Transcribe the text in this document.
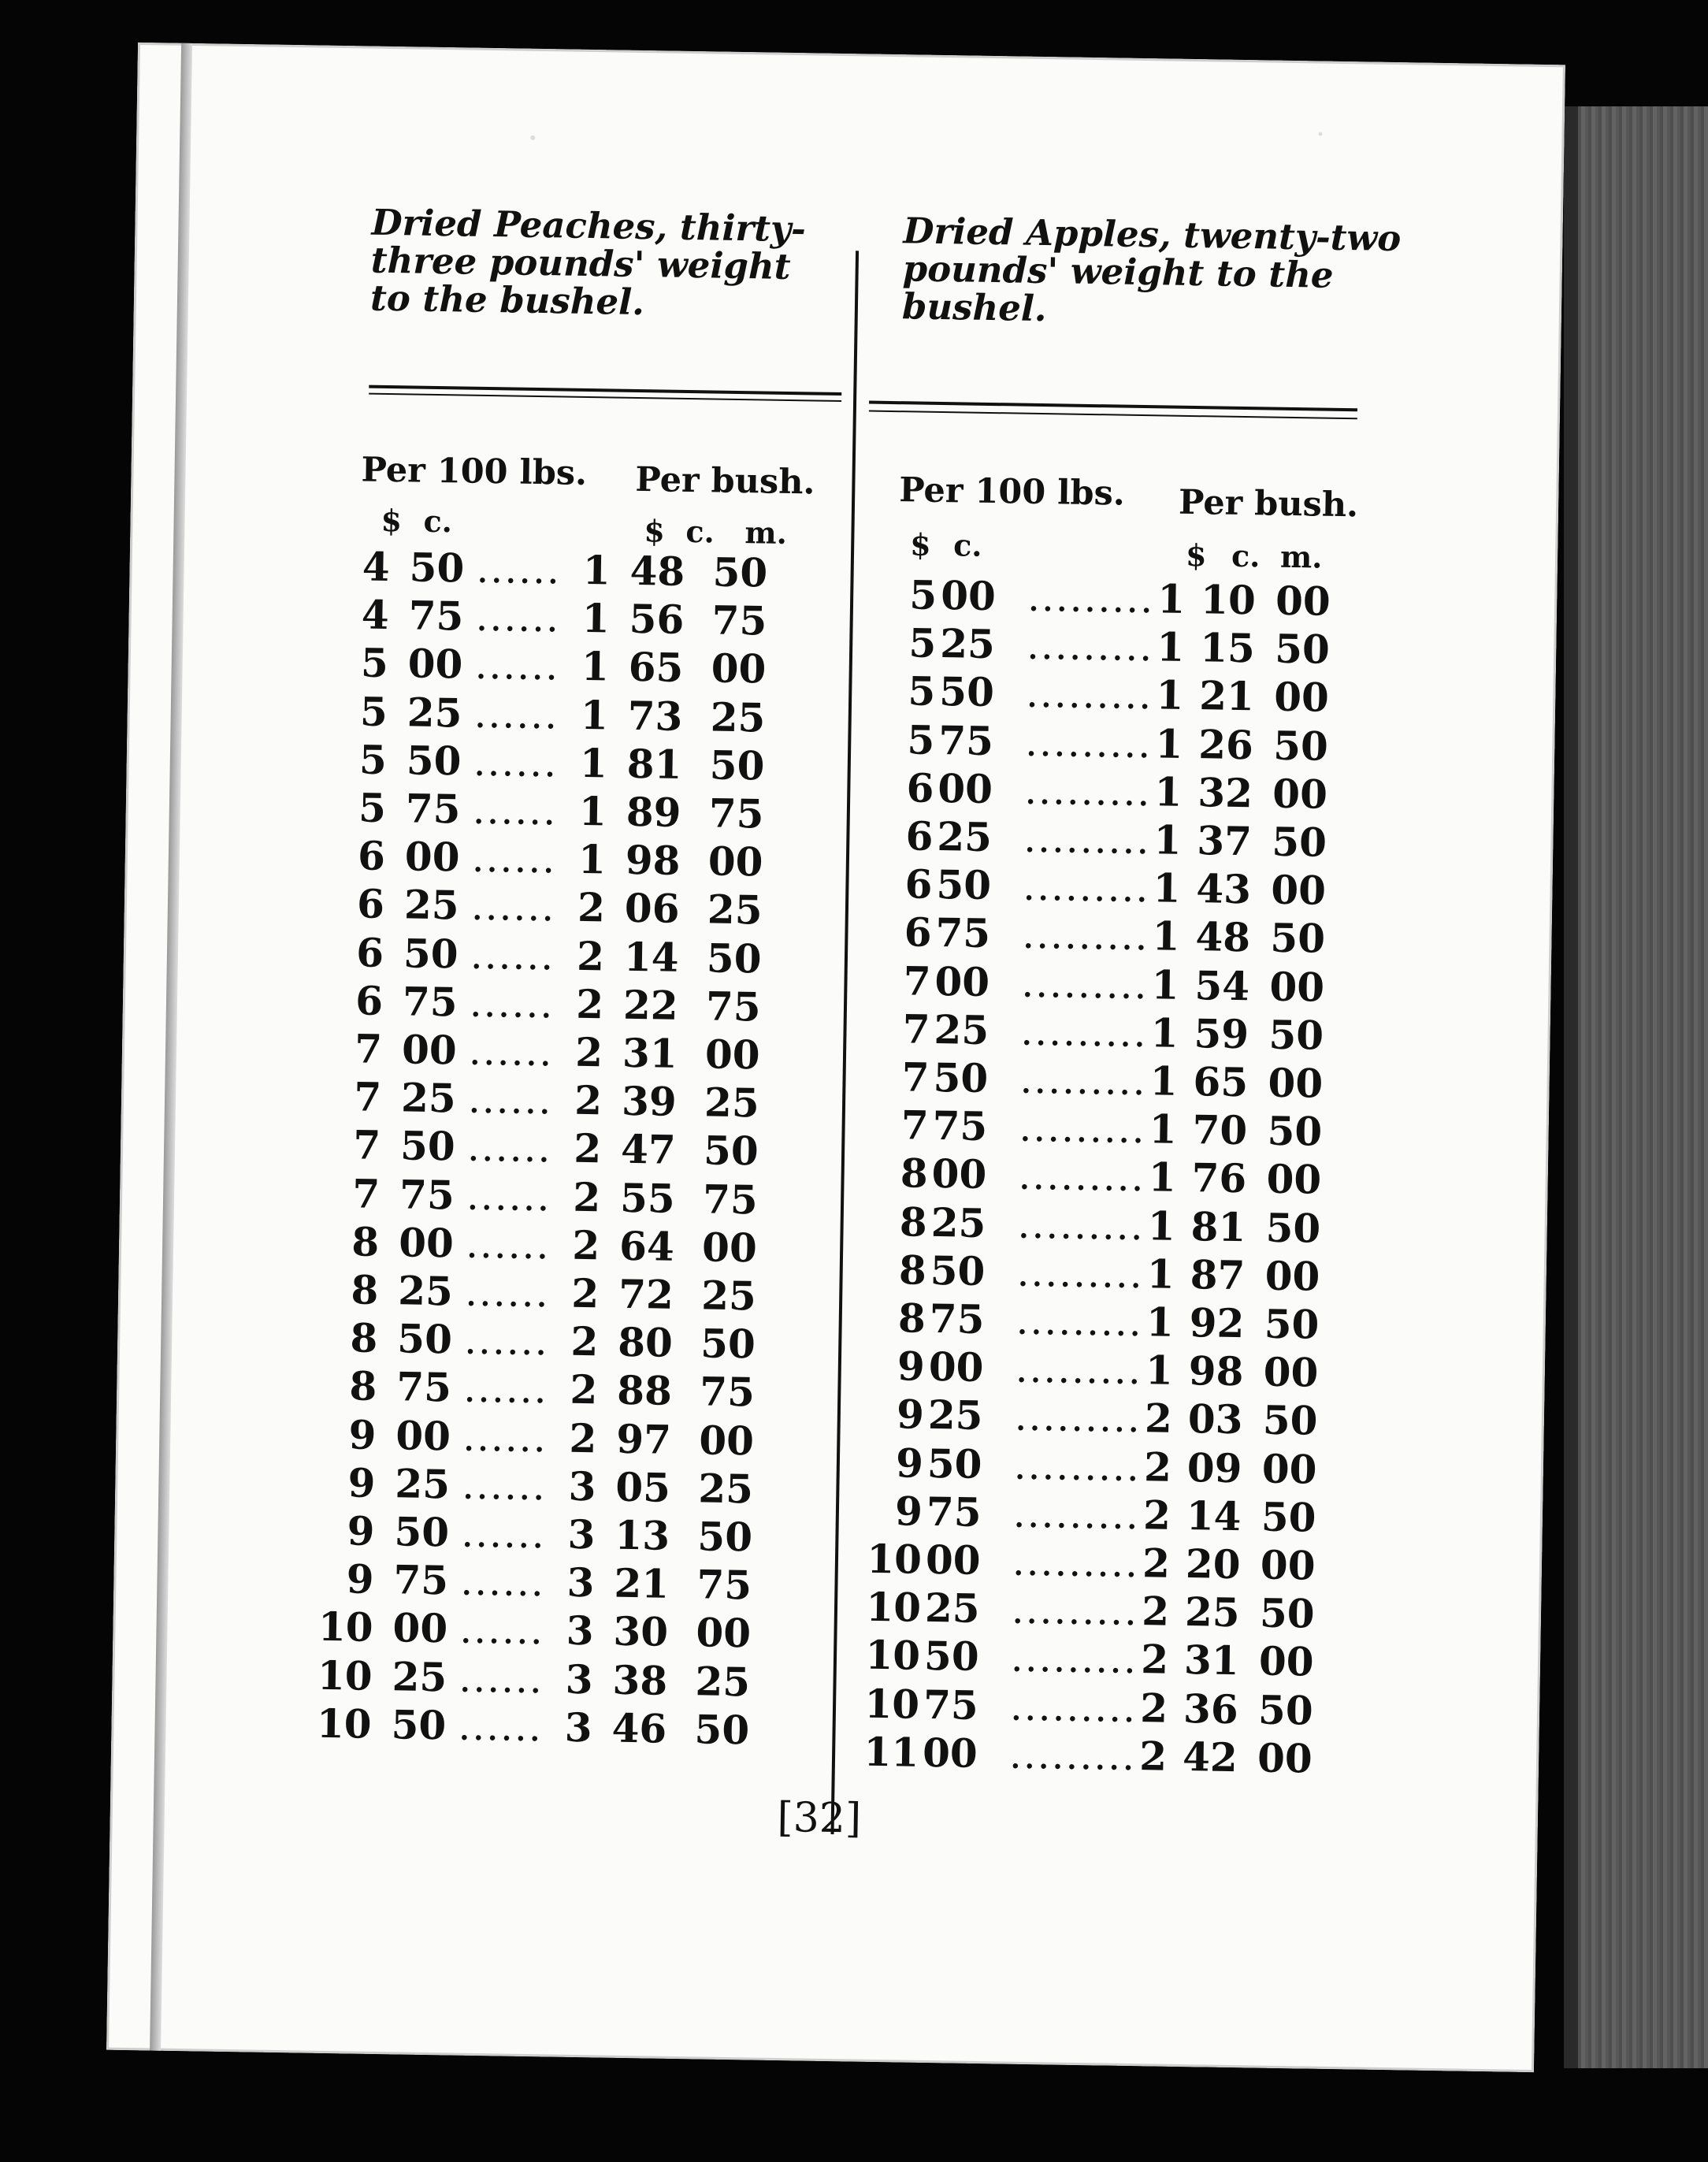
Dried Peaches, thirty-three pounds' weight to the bushel.
Dried Apples, twenty-two pounds' weight to the bushel.
Per 100 lbs. Per bush.
$ c.	$ c. m.
Per 100 lbs. Per bush.
$ c.	$ c. m.
4 50 ...... 1 48 50
4 75 ...... 1 56 75
5 00 ...... 1 65 00
5 25 ...... 1 73 25
5 50 ...... 1 81 50
5 75 ...... 1 89 75
6 00 ...... 1 98 00
6 25 ...... 2 06 25
6 50 ...... 2 14 50
6 75 ...... 2 22 75
7 00 ...... 2 31 00
7 25 ...... 2 39 25
7 50 ...... 2 47 50
7 75 ...... 2 55 75
8 00 ...... 2 64 00
8 25 ...... 2 72 25
8 50 ...... 2 80 50
8 75 ...... 2 88 75
9 00 ...... 2 97 00
9 25 ...... 3 05 25
9 50 ...... 3 13 50
9 75 ...... 3 21 75
10 00 ...... 3 30 00
10 25 ...... 3 38 25
10 50 ...... 3 46 50
5 00 ......... 1 10 00
5 25 ......... 1 15 50
5 50 ......... 1 21 00
5 75 ......... 1 26 50
6 00 ......... 1 32 00
6 25 ......... 1 37 50
6 50 ......... 1 43 00
6 75 ......... 1 48 50
7 00 ......... 1 54 00
7 25 ......... 1 59 50
7 50 ......... 1 65 00
7 75 ......... 1 70 50
8 00 ......... 1 76 00
8 25 ......... 1 81 50
8 50 ......... 1 87 00
8 75 ......... 1 92 50
9 00 ......... 1 98 00
9 25 ......... 2 03 50
9 50 ......... 2 09 00
9 75 ......... 2 14 50
10 00 ......... 2 20 00
10 25 ......... 2 25 50
10 50 ......... 2 31 00
10 75 ......... 2 36 50
11 00 ......... 2 42 00
[32]
